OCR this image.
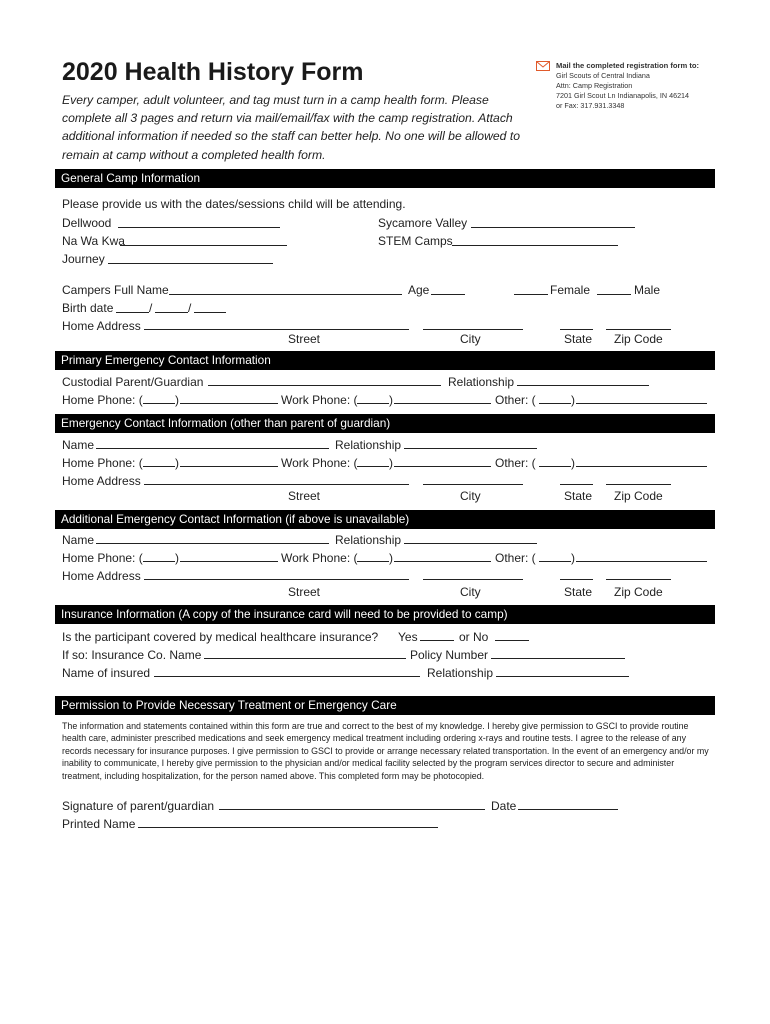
2020 Health History Form
Every camper, adult volunteer, and tag must turn in a camp health form. Please complete all 3 pages and return via mail/email/fax with the camp registration. Attach additional information if needed so the staff can better help. No one will be allowed to remain at camp without a completed health form.
Mail the completed registration form to:
Girl Scouts of Central Indiana
Attn: Camp Registration
7201 Girl Scout Ln Indianapolis, IN 46214
or Fax: 317.931.3348
General Camp Information
Please provide us with the dates/sessions child will be attending.
Dellwood	Sycamore Valley
Na Wa Kwa	STEM Camps
Journey
Campers Full Name	Age	Female	Male
Birth date	/	/
Home Address
Street	City	State Zip Code
Primary Emergency Contact Information
Custodial Parent/Guardian	Relationship
Home Phone: (	)	Work Phone: (	)	Other: (	)
Emergency Contact Information (other than parent of guardian)
Name	Relationship
Home Phone: (	)	Work Phone: (	)	Other: (	)
Home Address
Street	City	State Zip Code
Additional Emergency Contact Information (if above is unavailable)
Name	Relationship
Home Phone: (	)	Work Phone: (	)	Other: (	)
Home Address
Street	City	State Zip Code
Insurance Information (A copy of the insurance card will need to be provided to camp)
Is the participant covered by medical healthcare insurance? Yes	or No
If so: Insurance Co. Name	Policy Number
Name of insured	Relationship
Permission to Provide Necessary Treatment or Emergency Care
The information and statements contained within this form are true and correct to the best of my knowledge. I hereby give permission to GSCI to provide routine health care, administer prescribed medications and seek emergency medical treatment including ordering x-rays and routine tests. I agree to the release of any records necessary for insurance purposes. I give permission to GSCI to provide or arrange necessary related transportation. In the event of an emergency and/or my inability to communicate, I hereby give permission to the physician and/or medical facility selected by the program services director to secure and administer treatment, including hospitalization, for the person named above. This completed form may be photocopied.
Signature of parent/guardian	Date
Printed Name
